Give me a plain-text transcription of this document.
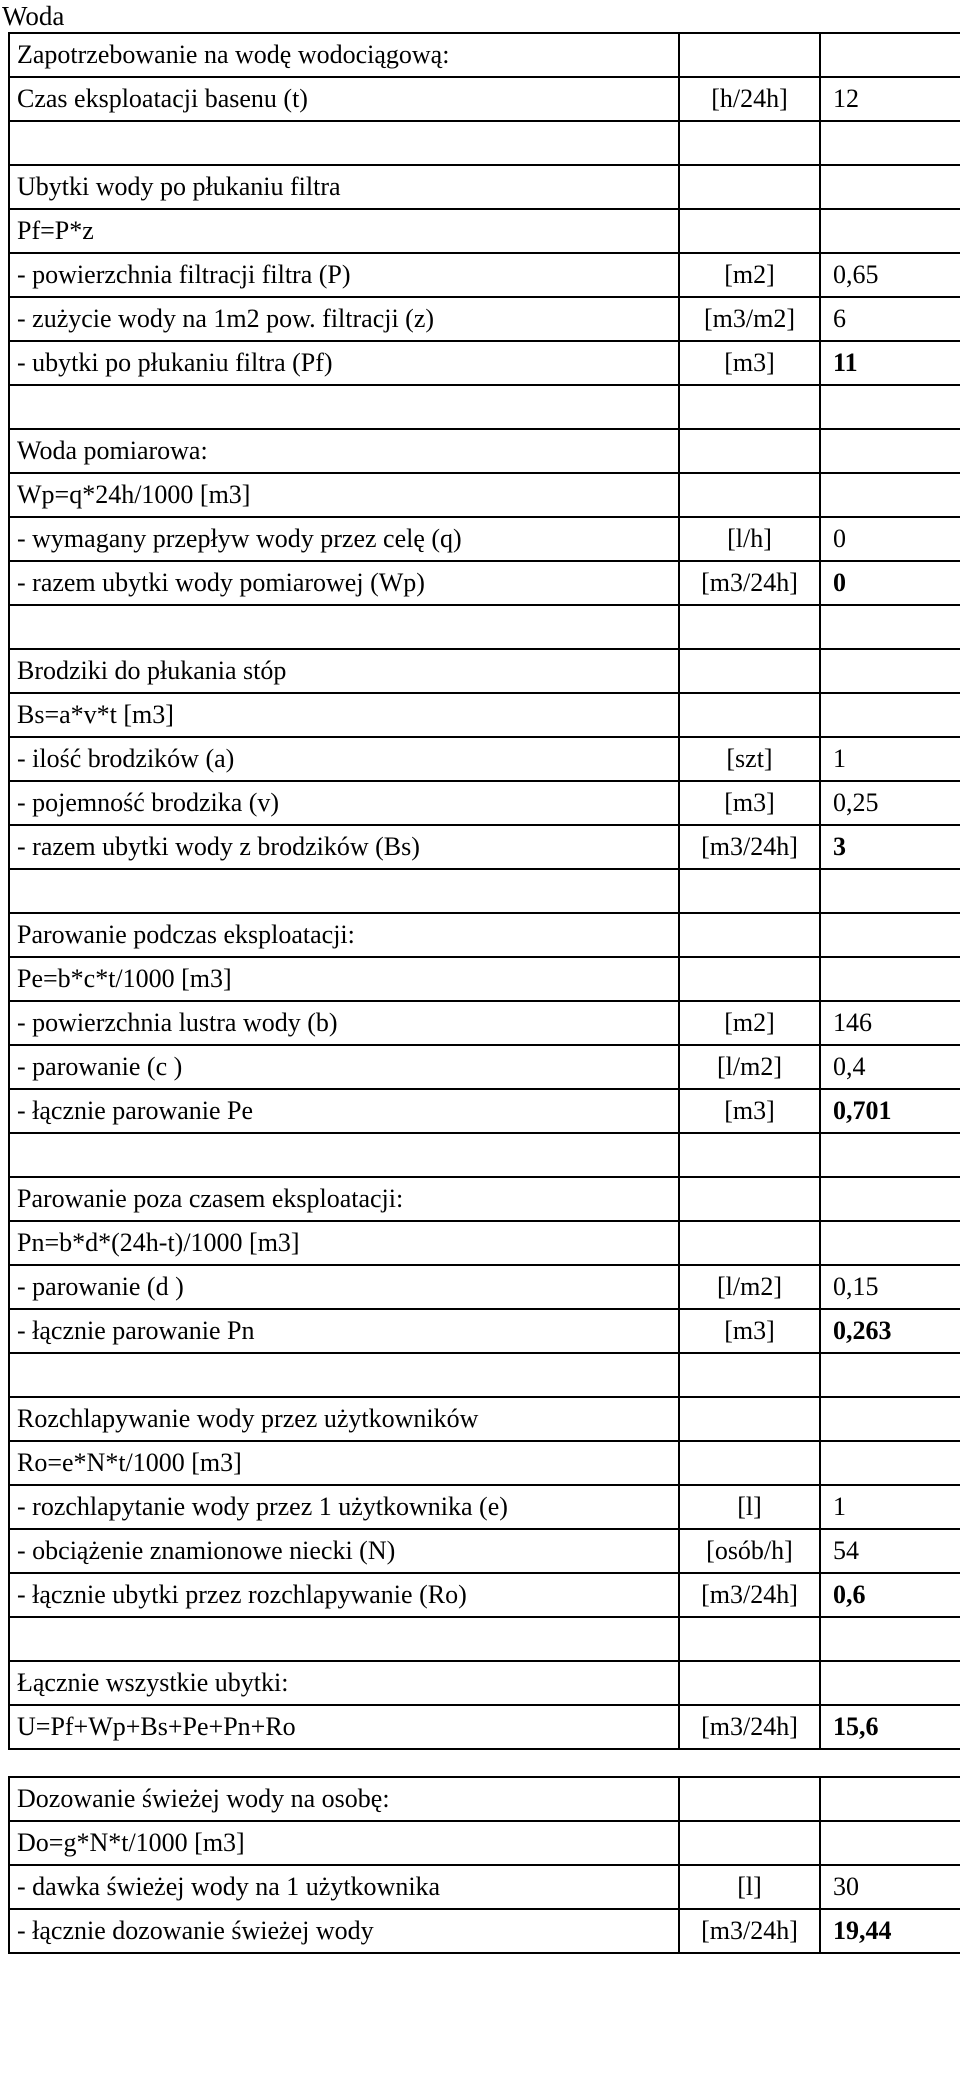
Woda
Zapotrzebowanie na wodę wodociągową:		
Czas eksploatacji basenu (t)	[h/24h]	12

Ubytki wody po płukaniu filtra		
Pf=P*z		
- powierzchnia filtracji filtra (P)	[m2]	0,65
- zużycie wody na 1m2 pow. filtracji (z)	[m3/m2]	6
- ubytki po płukaniu filtra (Pf)	[m3]	11

Woda pomiarowa:		
Wp=q*24h/1000 [m3]		
- wymagany przepływ wody przez celę (q)	[l/h]	0
- razem ubytki wody pomiarowej (Wp)	[m3/24h]	0

Brodziki do płukania stóp		
Bs=a*v*t [m3]		
- ilość brodzików (a)	[szt]	1
- pojemność brodzika (v)	[m3]	0,25
- razem ubytki wody z brodzików (Bs)	[m3/24h]	3

Parowanie podczas eksploatacji:		
Pe=b*c*t/1000 [m3]		
- powierzchnia lustra wody (b)	[m2]	146
- parowanie (c )	[l/m2]	0,4
- łącznie parowanie Pe	[m3]	0,701

Parowanie poza czasem eksploatacji:		
Pn=b*d*(24h-t)/1000 [m3]		
- parowanie (d )	[l/m2]	0,15
- łącznie parowanie Pn	[m3]	0,263

Rozchlapywanie wody przez użytkowników		
Ro=e*N*t/1000 [m3]		
- rozchlapytanie wody przez 1 użytkownika (e)	[l]	1
- obciążenie znamionowe niecki (N)	[osób/h]	54
- łącznie ubytki przez rozchlapywanie (Ro)	[m3/24h]	0,6

Łącznie wszystkie ubytki:		
U=Pf+Wp+Bs+Pe+Pn+Ro	[m3/24h]	15,6

Dozowanie świeżej wody na osobę:		
Do=g*N*t/1000 [m3]		
- dawka świeżej wody na 1 użytkownika	[l]	30
- łącznie dozowanie świeżej wody	[m3/24h]	19,44
